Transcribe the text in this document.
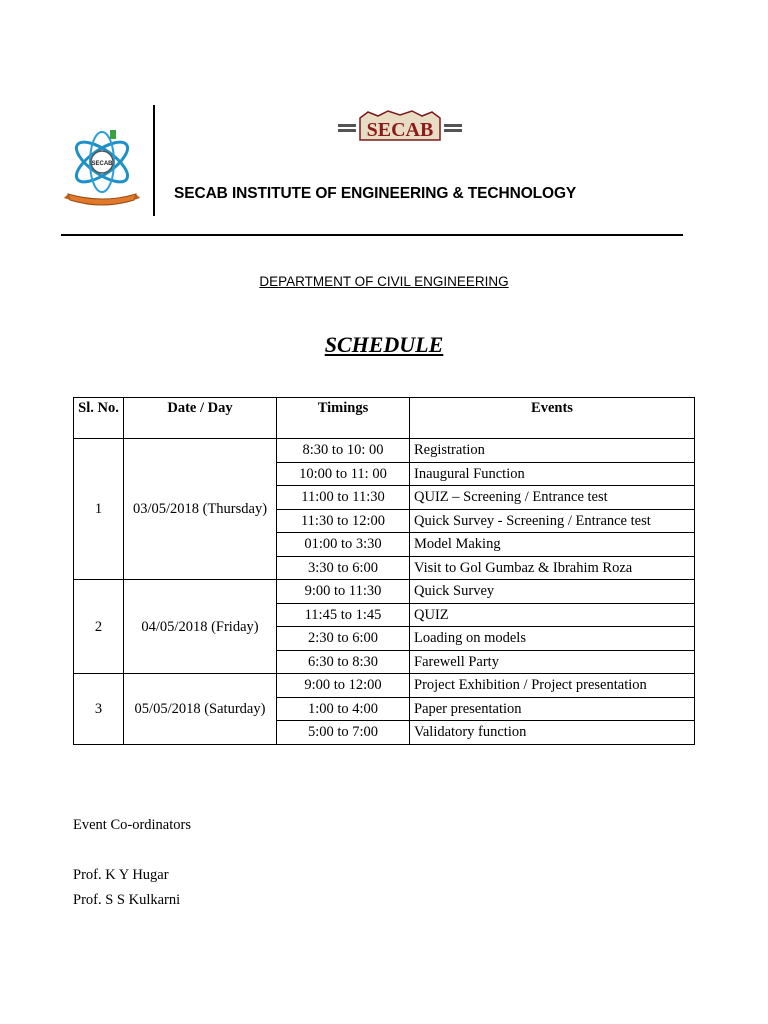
SECAB
SECAB
SECAB INSTITUTE OF ENGINEERING & TECHNOLOGY
DEPARTMENT OF CIVIL ENGINEERING
SCHEDULE
Sl. No.	Date / Day	Timings	Events
1	03/05/2018 (Thursday)	8:30 to 10: 00	Registration
		10:00 to 11: 00	Inaugural Function
		11:00 to 11:30	QUIZ – Screening / Entrance test
		11:30 to 12:00	Quick Survey - Screening / Entrance test
		01:00 to 3:30	Model Making
		3:30 to 6:00	Visit to Gol Gumbaz & Ibrahim Roza
2	04/05/2018 (Friday)	9:00 to 11:30	Quick Survey
		11:45 to 1:45	QUIZ
		2:30 to 6:00	Loading on models
		6:30 to 8:30	Farewell Party
3	05/05/2018 (Saturday)	9:00 to 12:00	Project Exhibition / Project presentation
		1:00 to 4:00	Paper presentation
		5:00 to 7:00	Validatory function
Event Co-ordinators
Prof. K Y Hugar
Prof. S S Kulkarni
